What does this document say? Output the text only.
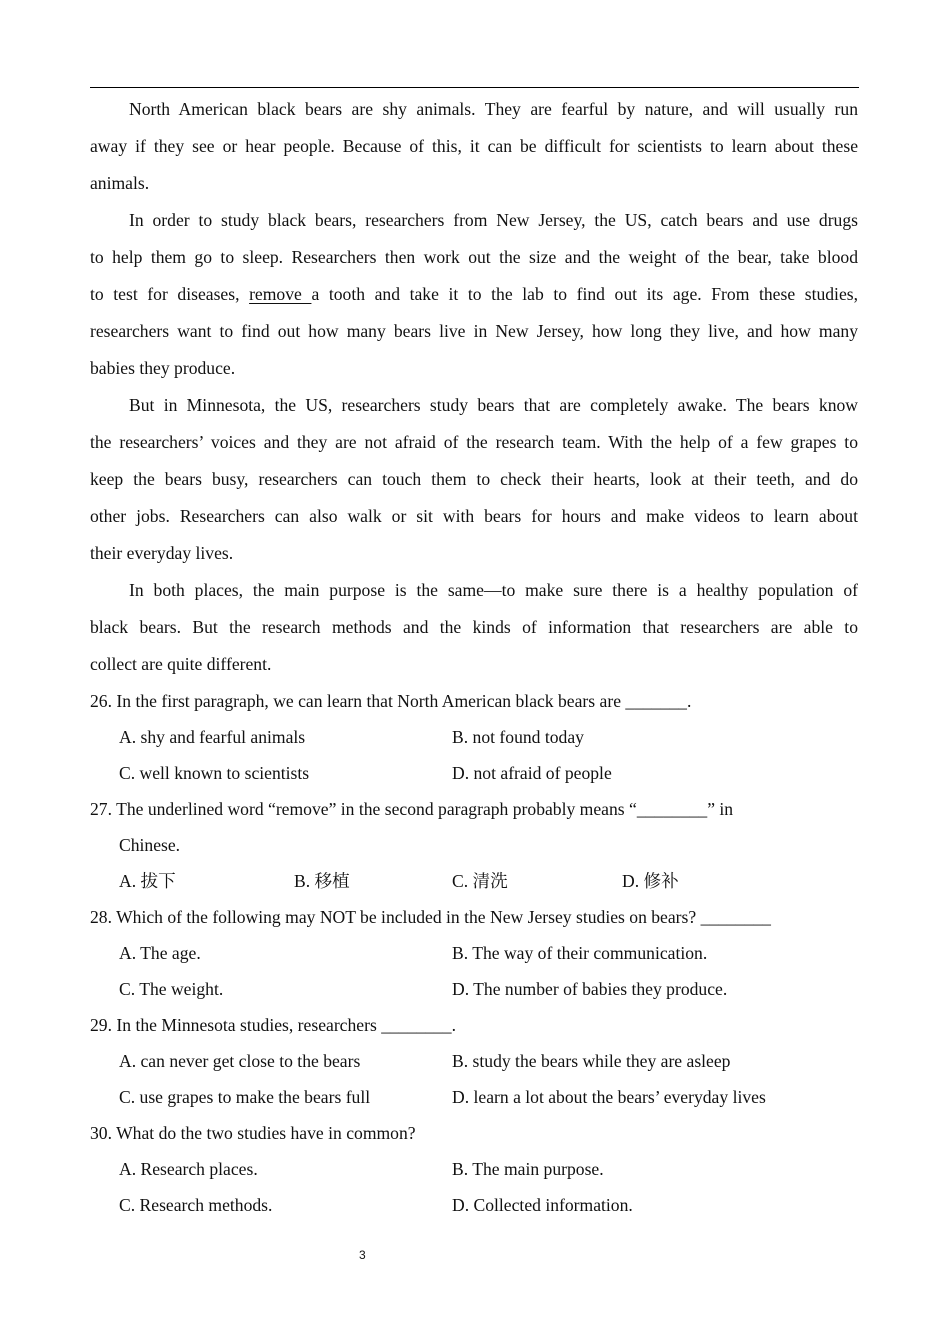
North American black bears are shy animals. They are fearful by nature, and will usually run
away if they see or hear people. Because of this, it can be difficult for scientists to learn about these
animals.
In order to study black bears, researchers from New Jersey, the US, catch bears and use drugs
to help them go to sleep. Researchers then work out the size and the weight of the bear, take blood
to test for diseases, remove a tooth and take it to the lab to find out its age. From these studies,
researchers want to find out how many bears live in New Jersey, how long they live, and how many
babies they produce.
But in Minnesota, the US, researchers study bears that are completely awake. The bears know
the researchers’ voices and they are not afraid of the research team. With the help of a few grapes to
keep the bears busy, researchers can touch them to check their hearts, look at their teeth, and do
other jobs. Researchers can also walk or sit with bears for hours and make videos to learn about
their everyday lives.
In both places, the main purpose is the same—to make sure there is a healthy population of
black bears. But the research methods and the kinds of information that researchers are able to
collect are quite different.
26. In the first paragraph, we can learn that North American black bears are _______.
A. shy and fearful animals	B. not found today
C. well known to scientists	D. not afraid of people
27. The underlined word “remove” in the second paragraph probably means “________” in
Chinese.
A. 拔下	B. 移植	C. 清洗	D. 修补
28. Which of the following may NOT be included in the New Jersey studies on bears? ________
A. The age.	B. The way of their communication.
C. The weight.	D. The number of babies they produce.
29. In the Minnesota studies, researchers ________.
A. can never get close to the bears	B. study the bears while they are asleep
C. use grapes to make the bears full	D. learn a lot about the bears’ everyday lives
30. What do the two studies have in common?
A. Research places.	B. The main purpose.
C. Research methods.	D. Collected information.
3
